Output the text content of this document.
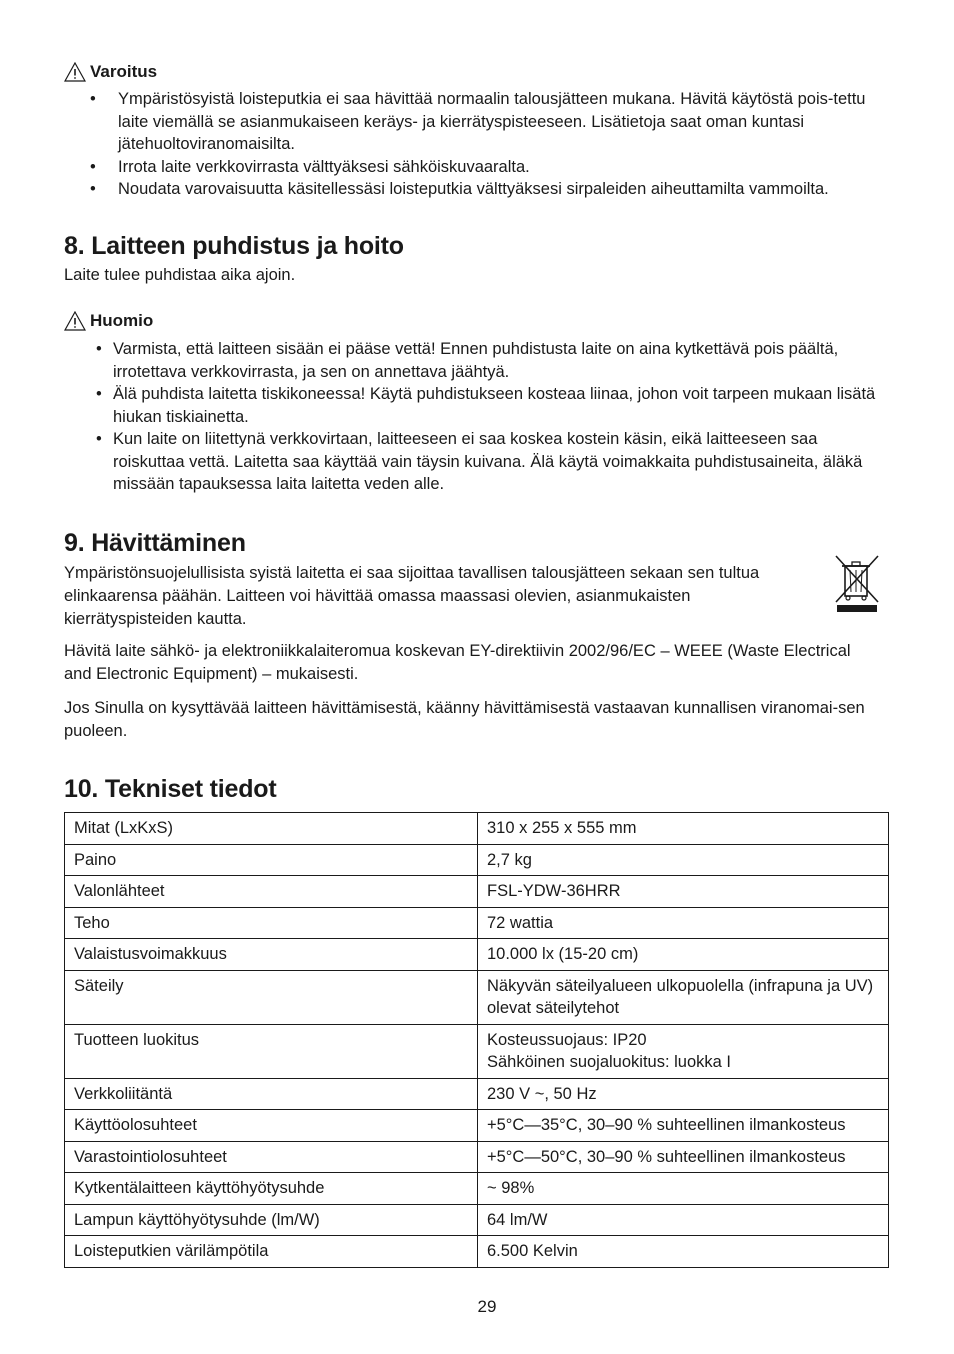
Varoitus
• Ympäristösyistä loisteputkia ei saa hävittää normaalin talousjätteen mukana. Hävitä käytöstä pois-tettu laite viemällä se asianmukaiseen keräys- ja kierrätyspisteeseen. Lisätietoja saat oman kuntasi jätehuoltoviranomaisilta.
• Irrota laite verkkovirrasta välttyäksesi sähköiskuvaaralta.
• Noudata varovaisuutta käsitellessäsi loisteputkia välttyäksesi sirpaleiden aiheuttamilta vammoilta.
8. Laitteen puhdistus ja hoito

Laite tulee puhdistaa aika ajoin.

Huomio
• Varmista, että laitteen sisään ei pääse vettä! Ennen puhdistusta laite on aina kytkettävä pois päältä, irrotettava verkkovirrasta, ja sen on annettava jäähtyä.
• Älä puhdista laitetta tiskikoneessa! Käytä puhdistukseen kosteaa liinaa, johon voit tarpeen mukaan lisätä hiukan tiskiainetta.
• Kun laite on liitettynä verkkovirtaan, laitteeseen ei saa koskea kostein käsin, eikä laitteeseen saa roiskuttaa vettä. Laitetta saa käyttää vain täysin kuivana. Älä käytä voimakkaita puhdistusaineita, äläkä missään tapauksessa laita laitetta veden alle.
9. Hävittäminen

Ympäristönsuojelullisista syistä laitetta ei saa sijoittaa tavallisen talousjätteen sekaan sen tultua elinkaarensa päähän. Laitteen voi hävittää omassa maassasi olevien, asianmukaisten kierrätyspisteiden kautta.

Hävitä laite sähkö- ja elektroniikkalaiteromua koskevan EY-direktiivin 2002/96/EC – WEEE (Waste Electrical and Electronic Equipment) – mukaisesti.

Jos Sinulla on kysyttävää laitteen hävittämisestä, käänny hävittämisestä vastaavan kunnallisen viranomai-sen puoleen.

10. Tekniset tiedot
Mitat (LxKxS)	310 x 255 x 555 mm
Paino	2,7 kg
Valonlähteet	FSL-YDW-36HRR
Teho	72 wattia
Valaistusvoimakkuus	10.000 lx (15-20 cm)
Säteily	Näkyvän säteilyalueen ulkopuolella (infrapuna ja UV) olevat säteilytehot
Tuotteen luokitus	Kosteussuojaus: IP20
Sähköinen suojaluokitus: luokka I
Verkkoliitäntä	230 V ~, 50 Hz
Käyttöolosuhteet	+5°C—35°C, 30–90 % suhteellinen ilmankosteus
Varastointiolosuhteet	+5°C—50°C, 30–90 % suhteellinen ilmankosteus
Kytkentälaitteen käyttöhyötysuhde	~ 98%
Lampun käyttöhyötysuhde (lm/W)	64 lm/W
Loisteputkien värilämpötila	6.500 Kelvin
29
